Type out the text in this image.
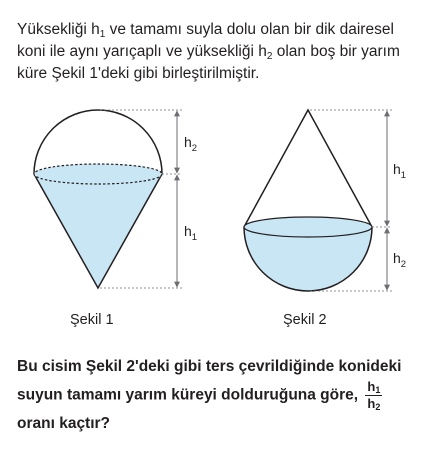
Yüksekliği $h_1$ ve tamamı suyla dolu olan bir dik dairesel
koni ile aynı yarıçaplı ve yüksekliği $h_2$ olan boş bir yarım
küre Şekil 1'deki gibi birleştirilmiştir.
$h_2$
$h_1$
$h_1$
$h_2$
Şekil 1	Şekil 2
Bu cisim Şekil 2'deki gibi ters çevrildiğinde konideki
suyun tamamı yarım küreyi dolduruğuna göre, $\frac{h_1}{h_2}$
oranı kaçtır?
